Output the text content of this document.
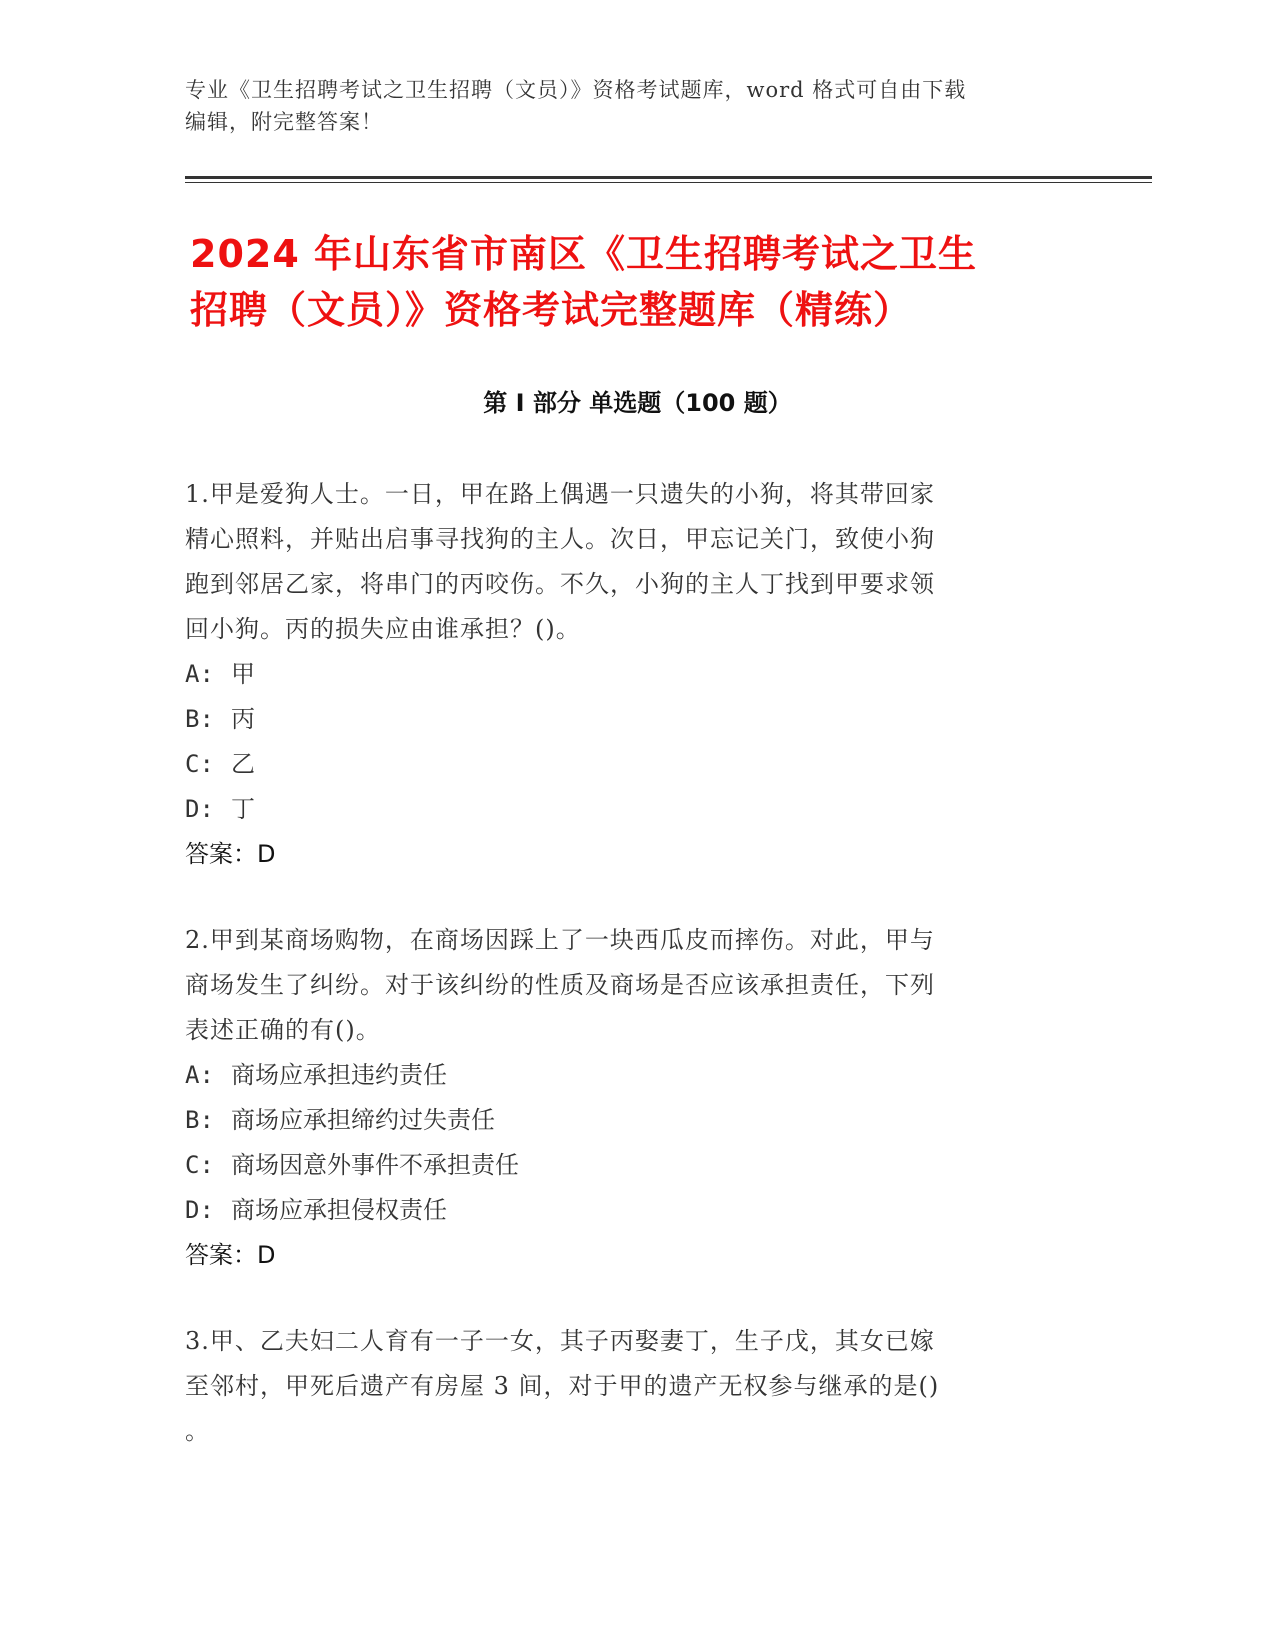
专业《卫生招聘考试之卫生招聘（文员）》资格考试题库，word 格式可自由下载
编辑，附完整答案！
2024 年山东省市南区《卫生招聘考试之卫生
招聘（文员）》资格考试完整题库（精练）
第 I 部分 单选题（100 题）
1.甲是爱狗人士。一日，甲在路上偶遇一只遗失的小狗，将其带回家
精心照料，并贴出启事寻找狗的主人。次日，甲忘记关门，致使小狗
跑到邻居乙家，将串门的丙咬伤。不久，小狗的主人丁找到甲要求领
回小狗。丙的损失应由谁承担？()。
A: 甲
B: 丙
C: 乙
D: 丁
答案：D
2.甲到某商场购物，在商场因踩上了一块西瓜皮而摔伤。对此，甲与
商场发生了纠纷。对于该纠纷的性质及商场是否应该承担责任，下列
表述正确的有()。
A: 商场应承担违约责任
B: 商场应承担缔约过失责任
C: 商场因意外事件不承担责任
D: 商场应承担侵权责任
答案：D
3.甲、乙夫妇二人育有一子一女，其子丙娶妻丁，生子戊，其女已嫁
至邻村，甲死后遗产有房屋 3 间，对于甲的遗产无权参与继承的是()
。
